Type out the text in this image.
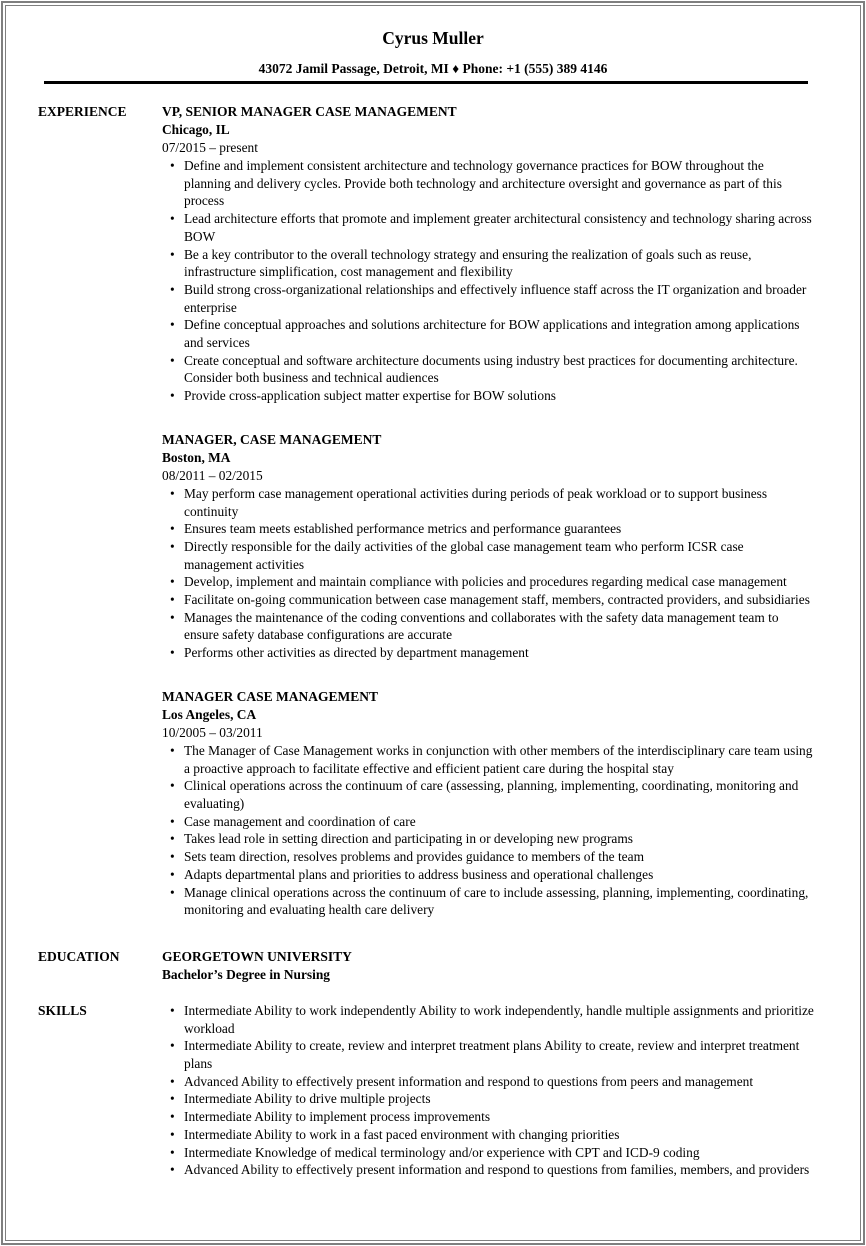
Cyrus Muller
43072 Jamil Passage, Detroit, MI ♦ Phone: +1 (555) 389 4146
EXPERIENCE	VP, SENIOR MANAGER CASE MANAGEMENT
Chicago, IL
07/2015 – present
• Define and implement consistent architecture and technology governance practices for BOW throughout the planning and delivery cycles. Provide both technology and architecture oversight and governance as part of this process
• Lead architecture efforts that promote and implement greater architectural consistency and technology sharing across BOW
• Be a key contributor to the overall technology strategy and ensuring the realization of goals such as reuse, infrastructure simplification, cost management and flexibility
• Build strong cross-organizational relationships and effectively influence staff across the IT organization and broader enterprise
• Define conceptual approaches and solutions architecture for BOW applications and integration among applications and services
• Create conceptual and software architecture documents using industry best practices for documenting architecture. Consider both business and technical audiences
• Provide cross-application subject matter expertise for BOW solutions
MANAGER, CASE MANAGEMENT
Boston, MA
08/2011 – 02/2015
• May perform case management operational activities during periods of peak workload or to support business continuity
• Ensures team meets established performance metrics and performance guarantees
• Directly responsible for the daily activities of the global case management team who perform ICSR case management activities
• Develop, implement and maintain compliance with policies and procedures regarding medical case management
• Facilitate on-going communication between case management staff, members, contracted providers, and subsidiaries
• Manages the maintenance of the coding conventions and collaborates with the safety data management team to ensure safety database configurations are accurate
• Performs other activities as directed by department management
MANAGER CASE MANAGEMENT
Los Angeles, CA
10/2005 – 03/2011
• The Manager of Case Management works in conjunction with other members of the interdisciplinary care team using a proactive approach to facilitate effective and efficient patient care during the hospital stay
• Clinical operations across the continuum of care (assessing, planning, implementing, coordinating, monitoring and evaluating)
• Case management and coordination of care
• Takes lead role in setting direction and participating in or developing new programs
• Sets team direction, resolves problems and provides guidance to members of the team
• Adapts departmental plans and priorities to address business and operational challenges
• Manage clinical operations across the continuum of care to include assessing, planning, implementing, coordinating, monitoring and evaluating health care delivery
EDUCATION	GEORGETOWN UNIVERSITY
Bachelor’s Degree in Nursing
SKILLS	• Intermediate Ability to work independently Ability to work independently, handle multiple assignments and prioritize workload
• Intermediate Ability to create, review and interpret treatment plans Ability to create, review and interpret treatment plans
• Advanced Ability to effectively present information and respond to questions from peers and management
• Intermediate Ability to drive multiple projects
• Intermediate Ability to implement process improvements
• Intermediate Ability to work in a fast paced environment with changing priorities
• Intermediate Knowledge of medical terminology and/or experience with CPT and ICD-9 coding
• Advanced Ability to effectively present information and respond to questions from families, members, and providers
